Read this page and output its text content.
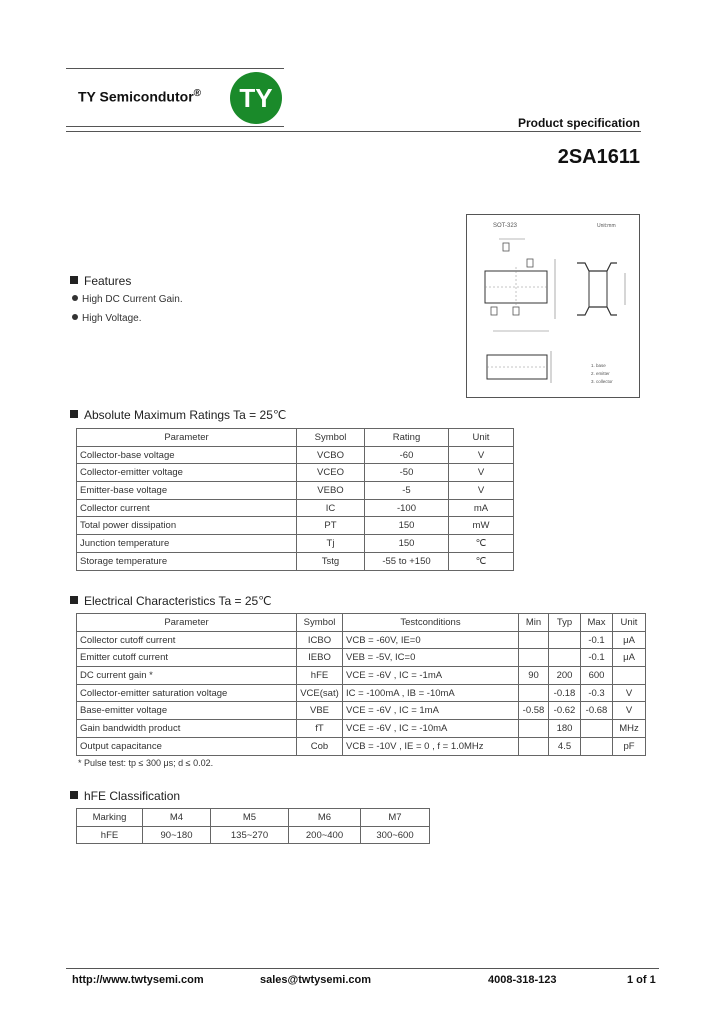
TY Semicondutor®	TY
Product specification
2SA1611
SOT-323	Unit:mm
1. base
2. emitter
3. collector
Features
High DC Current Gain.
High Voltage.
Absolute Maximum Ratings Ta = 25℃
Parameter	Symbol	Rating	Unit
Collector-base voltage	VCBO	-60	V
Collector-emitter voltage	VCEO	-50	V
Emitter-base voltage	VEBO	-5	V
Collector current	IC	-100	mA
Total power dissipation	PT	150	mW
Junction temperature	Tj	150	℃
Storage temperature	Tstg	-55 to +150	℃
Electrical Characteristics Ta = 25℃
Parameter	Symbol	Testconditions	Min	Typ	Max	Unit
Collector cutoff current	ICBO	VCB = -60V, IE=0			-0.1	μA
Emitter cutoff current	IEBO	VEB = -5V, IC=0			-0.1	μA
DC current gain *	hFE	VCE = -6V , IC = -1mA	90	200	600	
Collector-emitter saturation voltage	VCE(sat)	IC = -100mA , IB = -10mA		-0.18	-0.3	V
Base-emitter voltage	VBE	VCE = -6V , IC = 1mA	-0.58	-0.62	-0.68	V
Gain bandwidth product	fT	VCE = -6V , IC = -10mA		180		MHz
Output capacitance	Cob	VCB = -10V , IE = 0 , f = 1.0MHz		4.5		pF
* Pulse test: tp ≤ 300 μs; d ≤ 0.02.
hFE Classification
Marking	M4	M5	M6	M7
hFE	90~180	135~270	200~400	300~600
http://www.twtysemi.com	sales@twtysemi.com	4008-318-123	1 of 1
